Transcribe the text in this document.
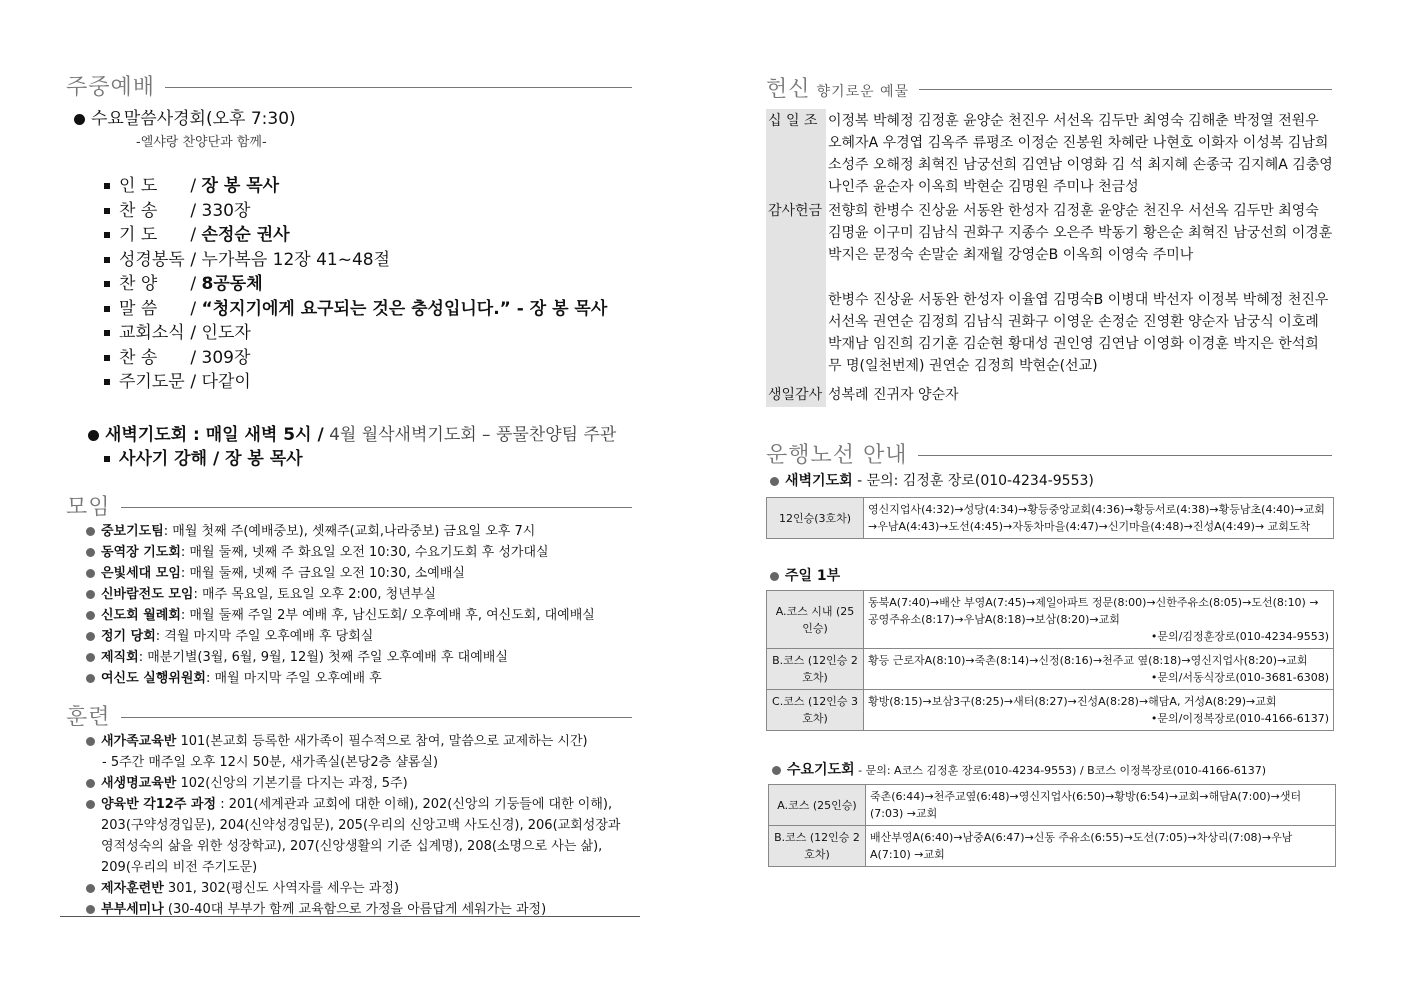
주중예배
수요말씀사경회(오후 7:30)
-엘샤랑 찬양단과 함께-
인 도 / 장 봉 목사
찬 송 / 330장
기 도 / 손정순 권사
성경봉독 / 누가복음 12장 41~48절
찬 양 / 8공동체
말 씀 / “청지기에게 요구되는 것은 충성입니다.” - 장 봉 목사
교회소식 / 인도자
찬 송 / 309장
주기도문 / 다같이
새벽기도회 : 매일 새벽 5시 / 4월 월삭새벽기도회 – 풍물찬양팀 주관
사사기 강해 / 장 봉 목사
모임
중보기도팀: 매월 첫째 주(예배중보), 셋째주(교회,나라중보) 금요일 오후 7시
동역장 기도회: 매월 둘째, 넷째 주 화요일 오전 10:30, 수요기도회 후 성가대실
은빛세대 모임: 매월 둘째, 넷째 주 금요일 오전 10:30, 소예배실
신바람전도 모임: 매주 목요일, 토요일 오후 2:00, 청년부실
신도회 월례회: 매월 둘째 주일 2부 예배 후, 남신도회/ 오후예배 후, 여신도회, 대예배실
정기 당회: 격월 마지막 주일 오후예배 후 당회실
제직회: 매분기별(3월, 6월, 9월, 12월) 첫째 주일 오후예배 후 대예배실
여신도 실행위원회: 매월 마지막 주일 오후예배 후
훈련
새가족교육반 101(본교회 등록한 새가족이 필수적으로 참여, 말씀으로 교제하는 시간)
- 5주간 매주일 오후 12시 50분, 새가족실(본당2층 샬롬실)
새생명교육반 102(신앙의 기본기를 다지는 과정, 5주)
양육반 각12주 과정 : 201(세계관과 교회에 대한 이해), 202(신앙의 기둥들에 대한 이해), 203(구약성경입문), 204(신약성경입문), 205(우리의 신앙고백 사도신경), 206(교회성장과 영적성숙의 삶을 위한 성장학교), 207(신앙생활의 기준 십계명), 208(소명으로 사는 삶), 209(우리의 비전 주기도문)
제자훈련반 301, 302(평신도 사역자를 세우는 과정)
부부세미나 (30-40대 부부가 함께 교육함으로 가정을 아름답게 세워가는 과정)
헌신 향기로운 예물
십 일 조	이정복 박혜정 김정훈 윤양순 천진우 서선옥 김두만 최영숙 김해춘 박정열 전원우 오혜자A 우경엽 김옥주 류평조 이정순 진봉원 차혜란 나현호 이화자 이성복 김남희 소성주 오해정 최혁진 남궁선희 김연남 이영화 김 석 최지혜 손종국 김지혜A 김충영 나인주 윤순자 이옥희 박현순 김명원 주미나 천금성
감사헌금	전향희 한병수 진상윤 서동완 한성자 김정훈 윤양순 천진우 서선옥 김두만 최영숙 김명윤 이구미 김남식 권화구 지종수 오은주 박동기 황은순 최혁진 남궁선희 이경훈 박지은 문정숙 손말순 최재월 강영순B 이옥희 이영숙 주미나
	한병수 진상윤 서동완 한성자 이율엽 김명숙B 이병대 박선자 이정복 박혜정 천진우 서선옥 권연순 김정희 김남식 권화구 이영운 손정순 진영환 양순자 남궁식 이호례 박재남 임진희 김기훈 김순현 황대성 권인영 김연남 이영화 이경훈 박지은 한석희 무 명(일천번제) 권연순 김정희 박현순(선교)
생일감사	성복례 진귀자 양순자
운행노선 안내
새벽기도회 - 문의: 김정훈 장로(010-4234-9553)
12인승(3호차)	
영신지업사(4:32)→성당(4:34)→황등중앙교회(4:36)→황등서로(4:38)→황등남초(4:40)→교회 →우남A(4:43)→도선(4:45)→자동차마을(4:47)→신기마을(4:48)→진성A(4:49)→ 교회도착
주일 1부
A.코스 시내 (25인승)	동북A(7:40)→배산 부영A(7:45)→제일아파트 정문(8:00)→신한주유소(8:05)→도선(8:10) →공영주유소(8:17)→우남A(8:18)→보삼(8:20)→교회
•문의/김정훈장로(010-4234-9553)

B.코스 (12인승 2호차)	황등 근로자A(8:10)→죽촌(8:14)→신정(8:16)→천주교 옆(8:18)→영신지업사(8:20)→교회
•문의/서동식장로(010-3681-6308)

C.코스 (12인승 3호차)	황방(8:15)→보삼3구(8:25)→새터(8:27)→진성A(8:28)→해담A, 거성A(8:29)→교회
•문의/이정복장로(010-4166-6137)
수요기도회 - 문의: A코스 김정훈 장로(010-4234-9553) / B코스 이정복장로(010-4166-6137)
A.코스 (25인승)	죽촌(6:44)→천주교옆(6:48)→영신지업사(6:50)→황방(6:54)→교회→해담A(7:00)→샛터(7:03) →교회

B.코스 (12인승 2호차)	배산부영A(6:40)→남중A(6:47)→신동 주유소(6:55)→도선(7:05)→차상리(7:08)→우남A(7:10) →교회
